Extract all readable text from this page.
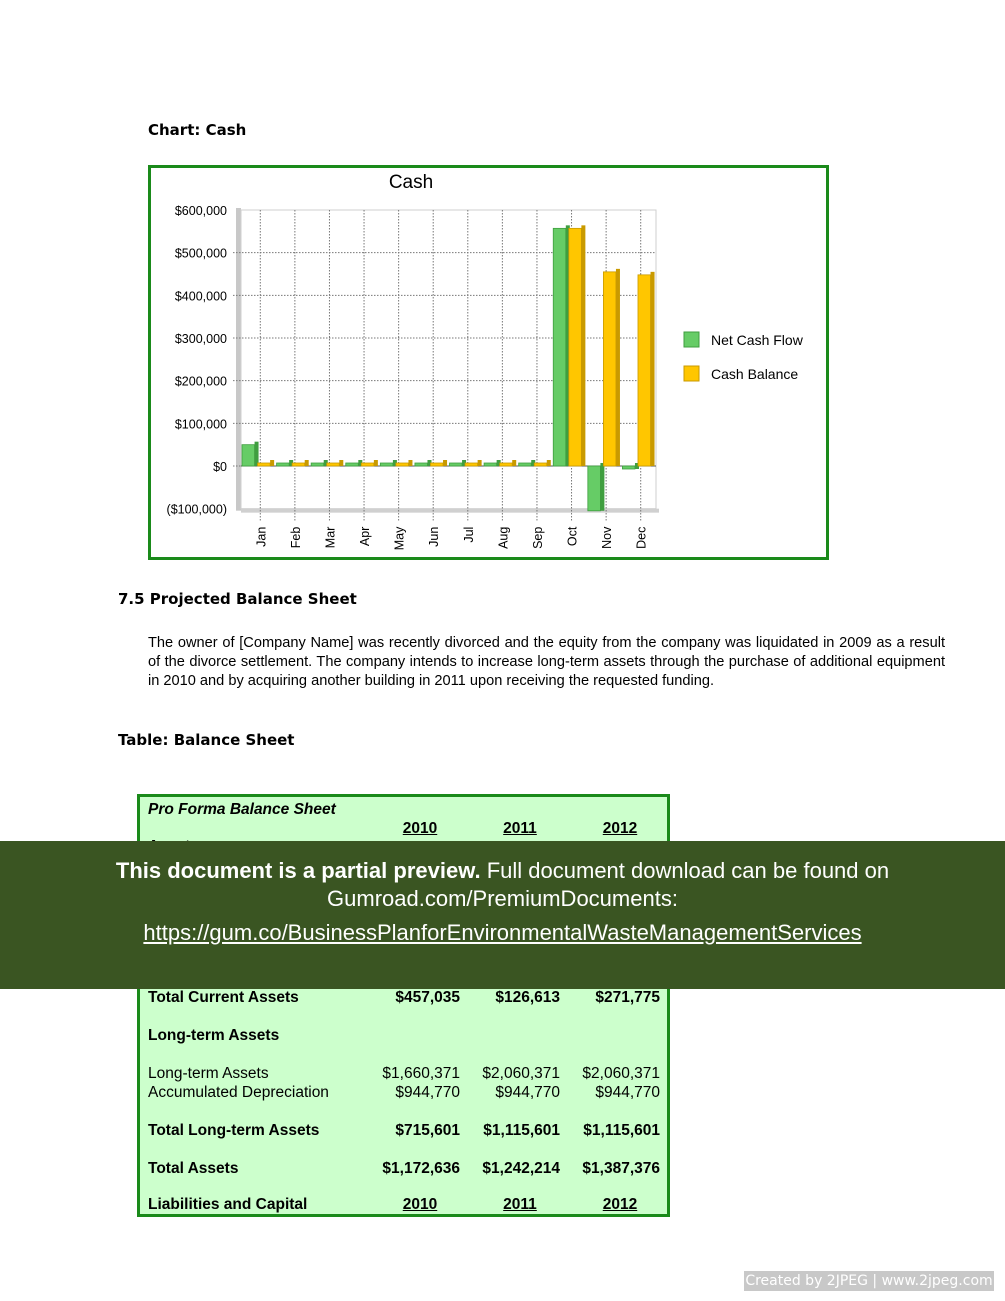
Chart: Cash
Cash
$600,000
$500,000
$400,000
$300,000
$200,000
$100,000
$0
($100,000)
Jan Feb Mar Apr May Jun Jul Aug Sep Oct Nov Dec
Net Cash Flow
Cash Balance
7.5 Projected Balance Sheet
The owner of [Company Name] was recently divorced and the equity from the company was liquidated in 2009 as a result of the divorce settlement. The company intends to increase long-term assets through the purchase of additional equipment in 2010 and by acquiring another building in 2011 upon receiving the requested funding.
Table: Balance Sheet
Pro Forma Balance Sheet
2010	2011	2012
Total Current Assets	$457,035	$126,613	$271,775
Long-term Assets
Long-term Assets	$1,660,371	$2,060,371	$2,060,371
Accumulated Depreciation	$944,770	$944,770	$944,770
Total Long-term Assets	$715,601	$1,115,601	$1,115,601
Total Assets	$1,172,636	$1,242,214	$1,387,376
Liabilities and Capital	2010	2011	2012
This document is a partial preview. Full document download can be found on Gumroad.com/PremiumDocuments:
https://gum.co/BusinessPlanforEnvironmentalWasteManagementServices
Created by 2JPEG | www.2jpeg.com
